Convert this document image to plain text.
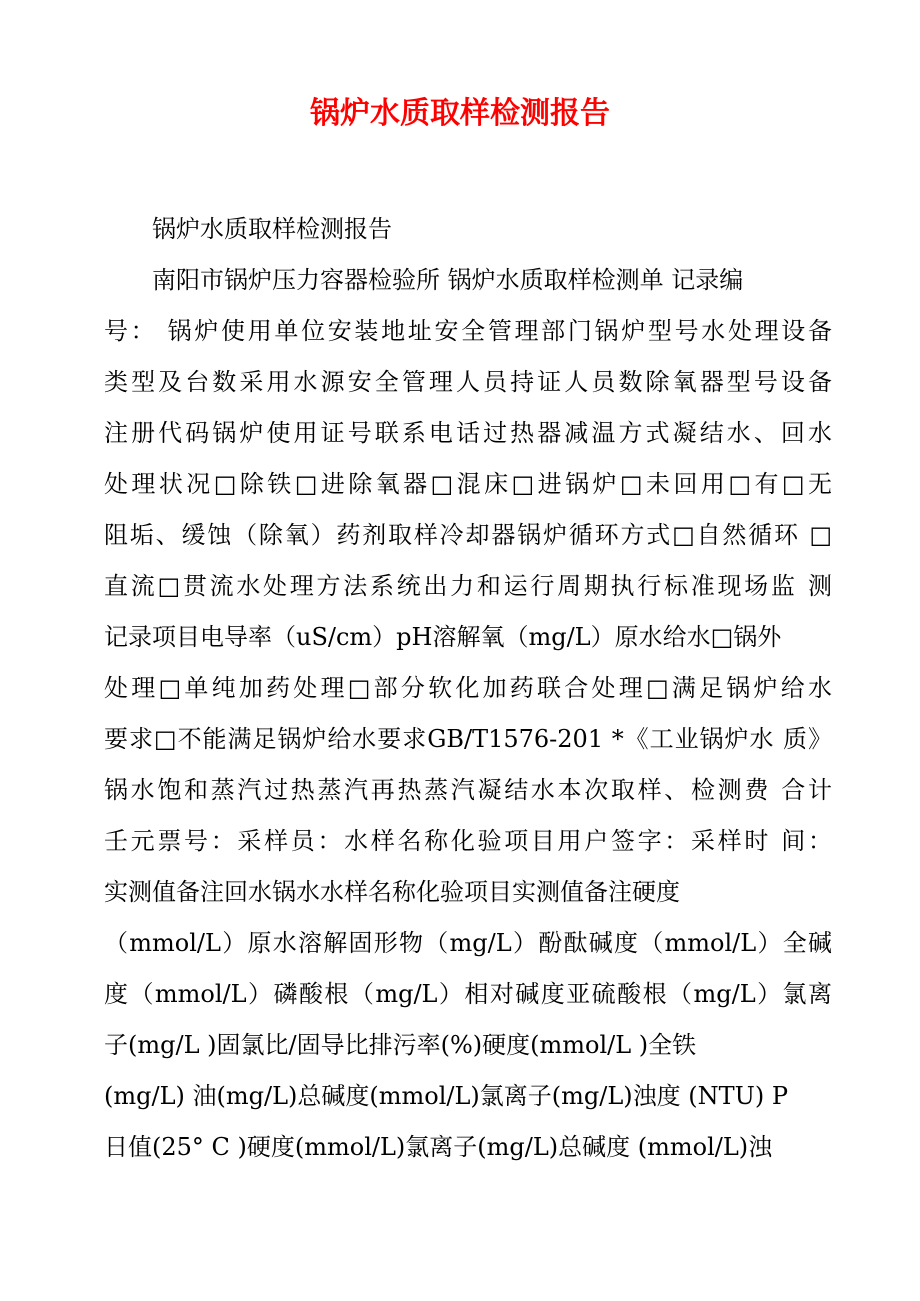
锅炉水质取样检测报告

锅炉水质取样检测报告

南阳市锅炉压力容器检验所 锅炉水质取样检测单 记录编

号： 锅炉使用单位安装地址安全管理部门锅炉型号水处理设备

类型及台数采用水源安全管理人员持证人员数除氧器型号设备

注册代码锅炉使用证号联系电话过热器减温方式凝结水、回水

处理状况□除铁□进除氧器□混床□进锅炉□未回用□有□无

阻垢、缓蚀（除氧）药剂取样冷却器锅炉循环方式□自然循环 □

直流□贯流水处理方法系统出力和运行周期执行标准现场监 测

记录项目电导率（uS/cm）pH溶解氧（mg/L）原水给水□锅外

处理□单纯加药处理□部分软化加药联合处理□满足锅炉给水

要求□不能满足锅炉给水要求GB/T1576-201 *《工业锅炉水 质》

锅水饱和蒸汽过热蒸汽再热蒸汽凝结水本次取样、检测费 合计

壬元票号：采样员：水样名称化验项目用户签字：采样时 间：

实测值备注回水锅水水样名称化验项目实测值备注硬度

（mmol/L）原水溶解固形物（mg/L）酚酞碱度（mmol/L）全碱

度（mmol/L）磷酸根（mg/L）相对碱度亚硫酸根（mg/L）氯离

子(mg/L )固氯比/固导比排污率(%)硬度(mmol/L )全铁

(mg/L) 油(mg/L)总碱度(mmol/L)氯离子(mg/L)浊度 (NTU) P

日值(25° C )硬度(mmol/L)氯离子(mg/L)总碱度 (mmol/L)浊
